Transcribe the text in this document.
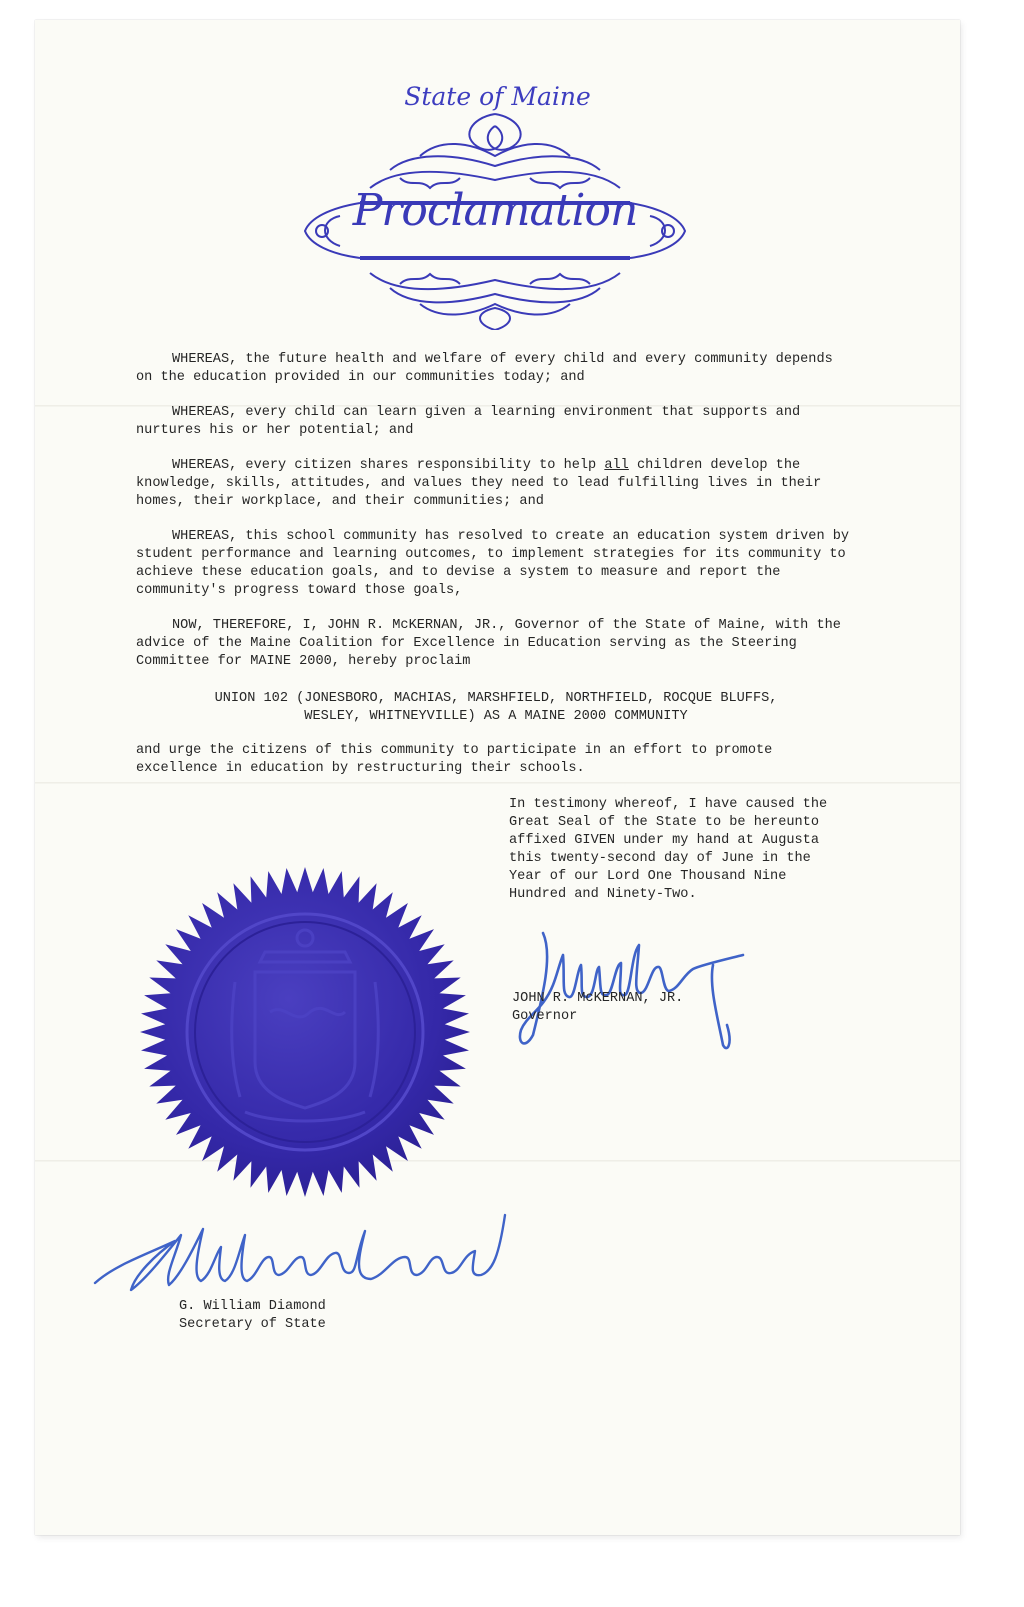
State of Maine
Proclamation
WHEREAS, the future health and welfare of every child and every community depends on the education provided in our communities today; and
WHEREAS, every child can learn given a learning environment that supports and nurtures his or her potential; and
WHEREAS, every citizen shares responsibility to help all children develop the knowledge, skills, attitudes, and values they need to lead fulfilling lives in their homes, their workplace, and their communities; and
WHEREAS, this school community has resolved to create an education system driven by student performance and learning outcomes, to implement strategies for its community to achieve these education goals, and to devise a system to measure and report the community's progress toward those goals,
NOW, THEREFORE, I, JOHN R. McKERNAN, JR., Governor of the State of Maine, with the advice of the Maine Coalition for Excellence in Education serving as the Steering Committee for MAINE 2000, hereby proclaim
UNION 102 (JONESBORO, MACHIAS, MARSHFIELD, NORTHFIELD, ROCQUE BLUFFS,
WESLEY, WHITNEYVILLE) AS A MAINE 2000 COMMUNITY
and urge the citizens of this community to participate in an effort to promote excellence in education by restructuring their schools.
In testimony whereof, I have caused the Great Seal of the State to be hereunto affixed GIVEN under my hand at Augusta this twenty-second day of June in the Year of our Lord One Thousand Nine Hundred and Ninety-Two.
JOHN R. McKERNAN, JR.
Governor
G. William Diamond
Secretary of State
